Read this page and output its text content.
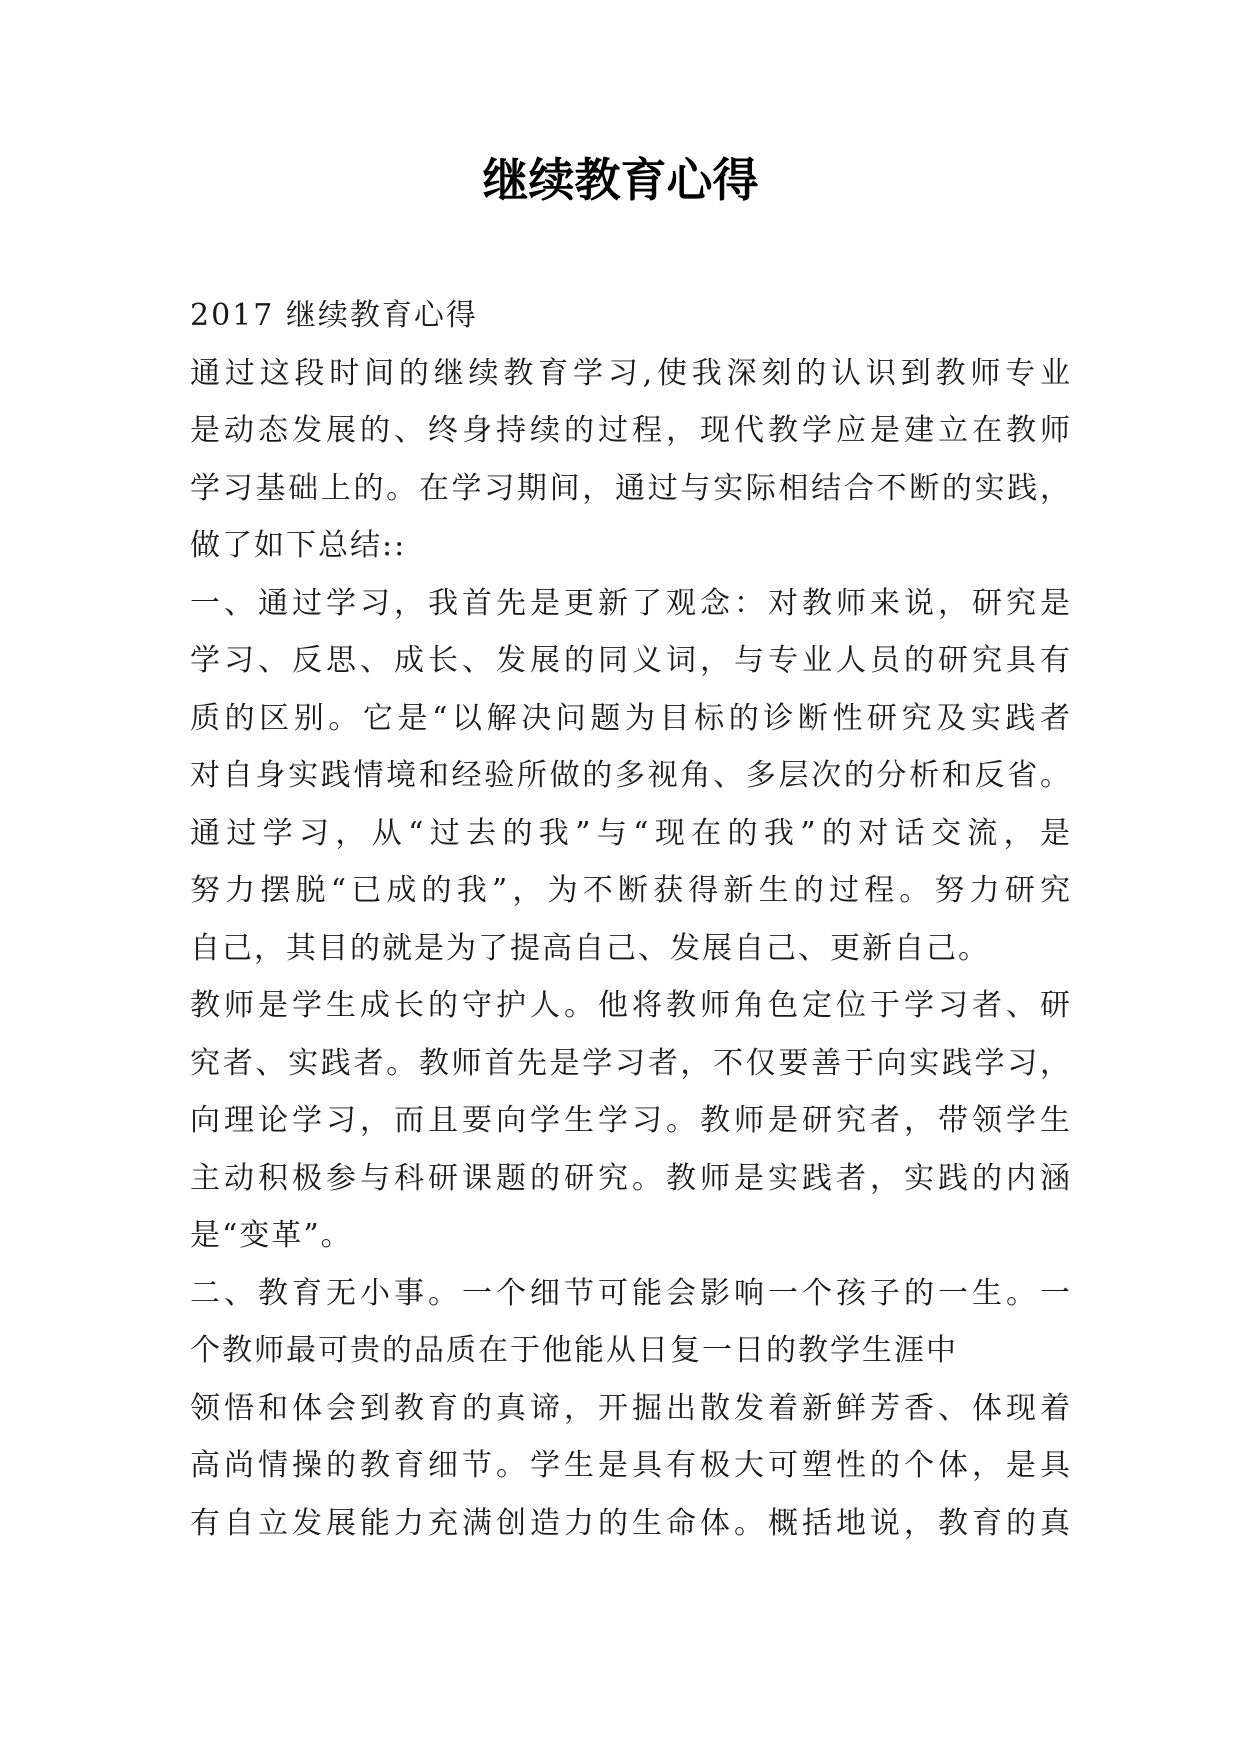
继续教育心得
2017 继续教育心得
通过这段时间的继续教育学习,使我深刻的认识到教师专业
是动态发展的、终身持续的过程，现代教学应是建立在教师
学习基础上的。在学习期间，通过与实际相结合不断的实践，
做了如下总结::
一、通过学习，我首先是更新了观念：对教师来说，研究是
学习、反思、成长、发展的同义词，与专业人员的研究具有
质的区别。它是“以解决问题为目标的诊断性研究及实践者
对自身实践情境和经验所做的多视角、多层次的分析和反省。
通过学习，从“过去的我”与“现在的我”的对话交流，是
努力摆脱“已成的我”，为不断获得新生的过程。努力研究
自己，其目的就是为了提高自己、发展自己、更新自己。
教师是学生成长的守护人。他将教师角色定位于学习者、研
究者、实践者。教师首先是学习者，不仅要善于向实践学习，
向理论学习，而且要向学生学习。教师是研究者，带领学生
主动积极参与科研课题的研究。教师是实践者，实践的内涵
是“变革”。
二、教育无小事。一个细节可能会影响一个孩子的一生。一
个教师最可贵的品质在于他能从日复一日的教学生涯中
领悟和体会到教育的真谛，开掘出散发着新鲜芳香、体现着
高尚情操的教育细节。学生是具有极大可塑性的个体，是具
有自立发展能力充满创造力的生命体。概括地说，教育的真
